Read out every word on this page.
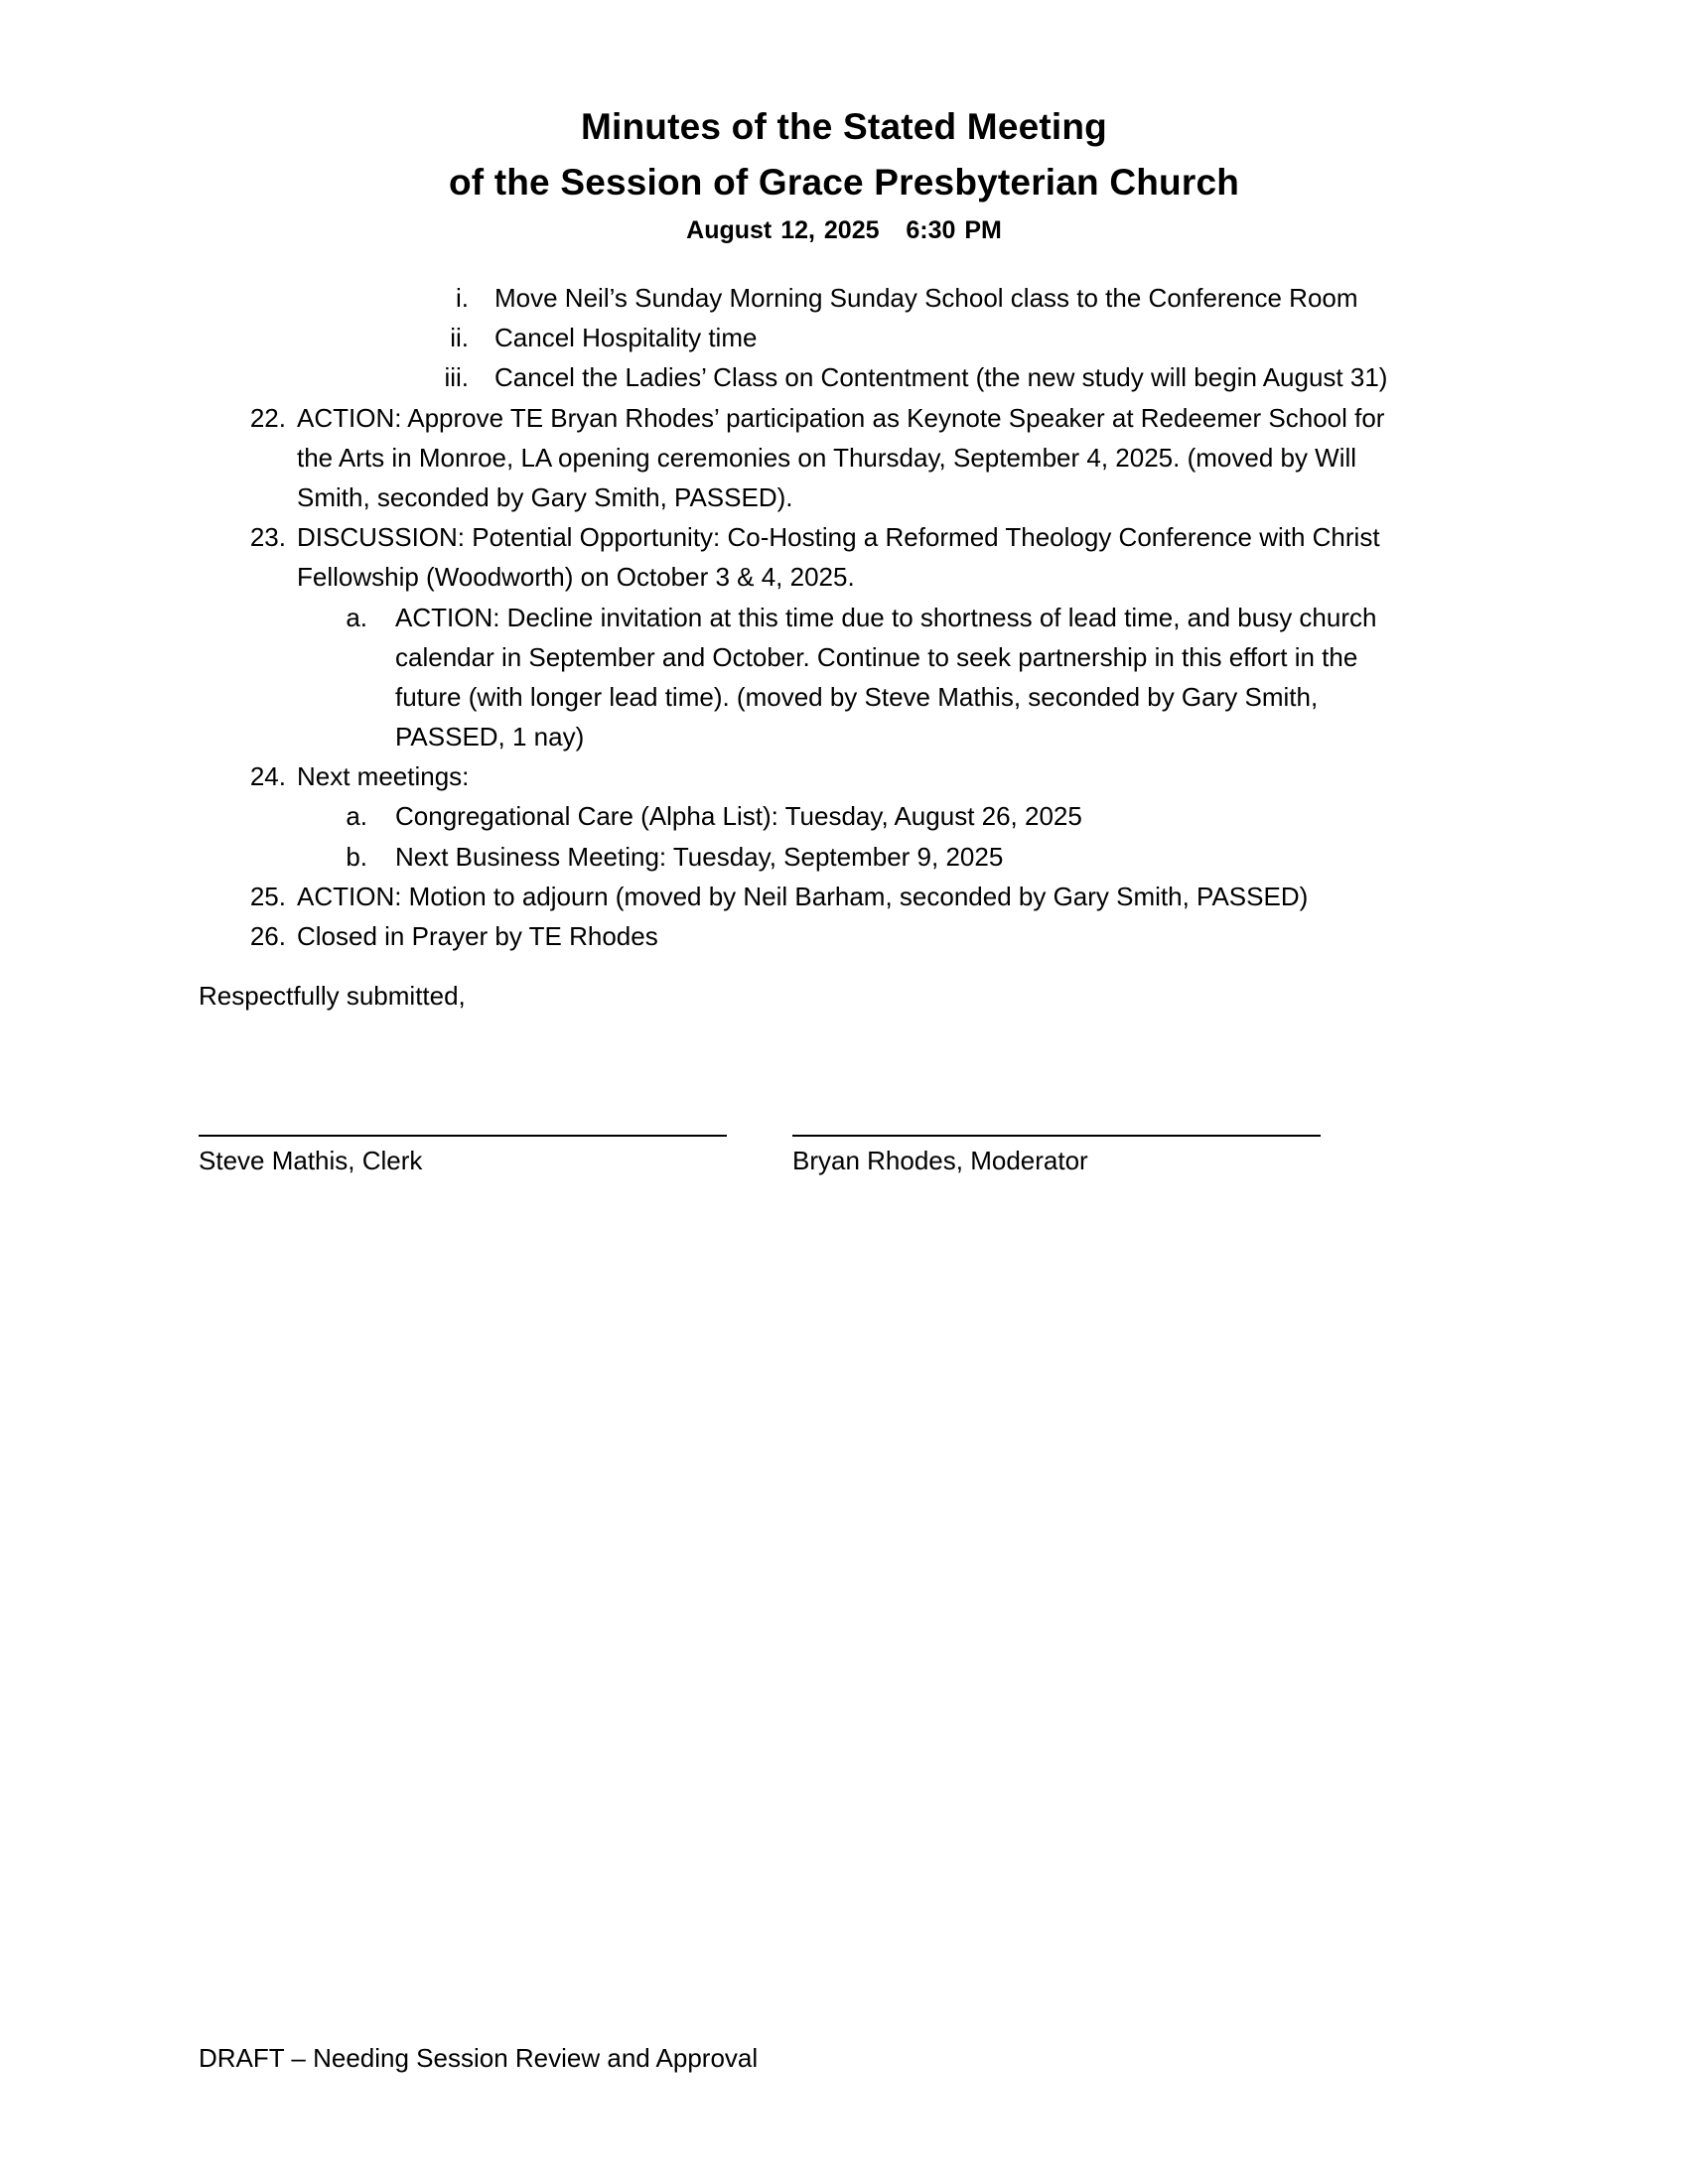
Minutes of the Stated Meeting
of the Session of Grace Presbyterian Church
August 12, 2025   6:30 PM
i. Move Neil’s Sunday Morning Sunday School class to the Conference Room
ii. Cancel Hospitality time
iii. Cancel the Ladies’ Class on Contentment (the new study will begin August 31)
22. ACTION: Approve TE Bryan Rhodes’ participation as Keynote Speaker at Redeemer School for
the Arts in Monroe, LA opening ceremonies on Thursday, September 4, 2025. (moved by Will
Smith, seconded by Gary Smith, PASSED).
23. DISCUSSION: Potential Opportunity: Co-Hosting a Reformed Theology Conference with Christ
Fellowship (Woodworth) on October 3 & 4, 2025.
a. ACTION: Decline invitation at this time due to shortness of lead time, and busy church
calendar in September and October. Continue to seek partnership in this effort in the
future (with longer lead time). (moved by Steve Mathis, seconded by Gary Smith,
PASSED, 1 nay)
24. Next meetings:
a. Congregational Care (Alpha List): Tuesday, August 26, 2025
b. Next Business Meeting: Tuesday, September 9, 2025
25. ACTION: Motion to adjourn (moved by Neil Barham, seconded by Gary Smith, PASSED)
26. Closed in Prayer by TE Rhodes
Respectfully submitted,
Steve Mathis, Clerk	Bryan Rhodes, Moderator
DRAFT – Needing Session Review and Approval
